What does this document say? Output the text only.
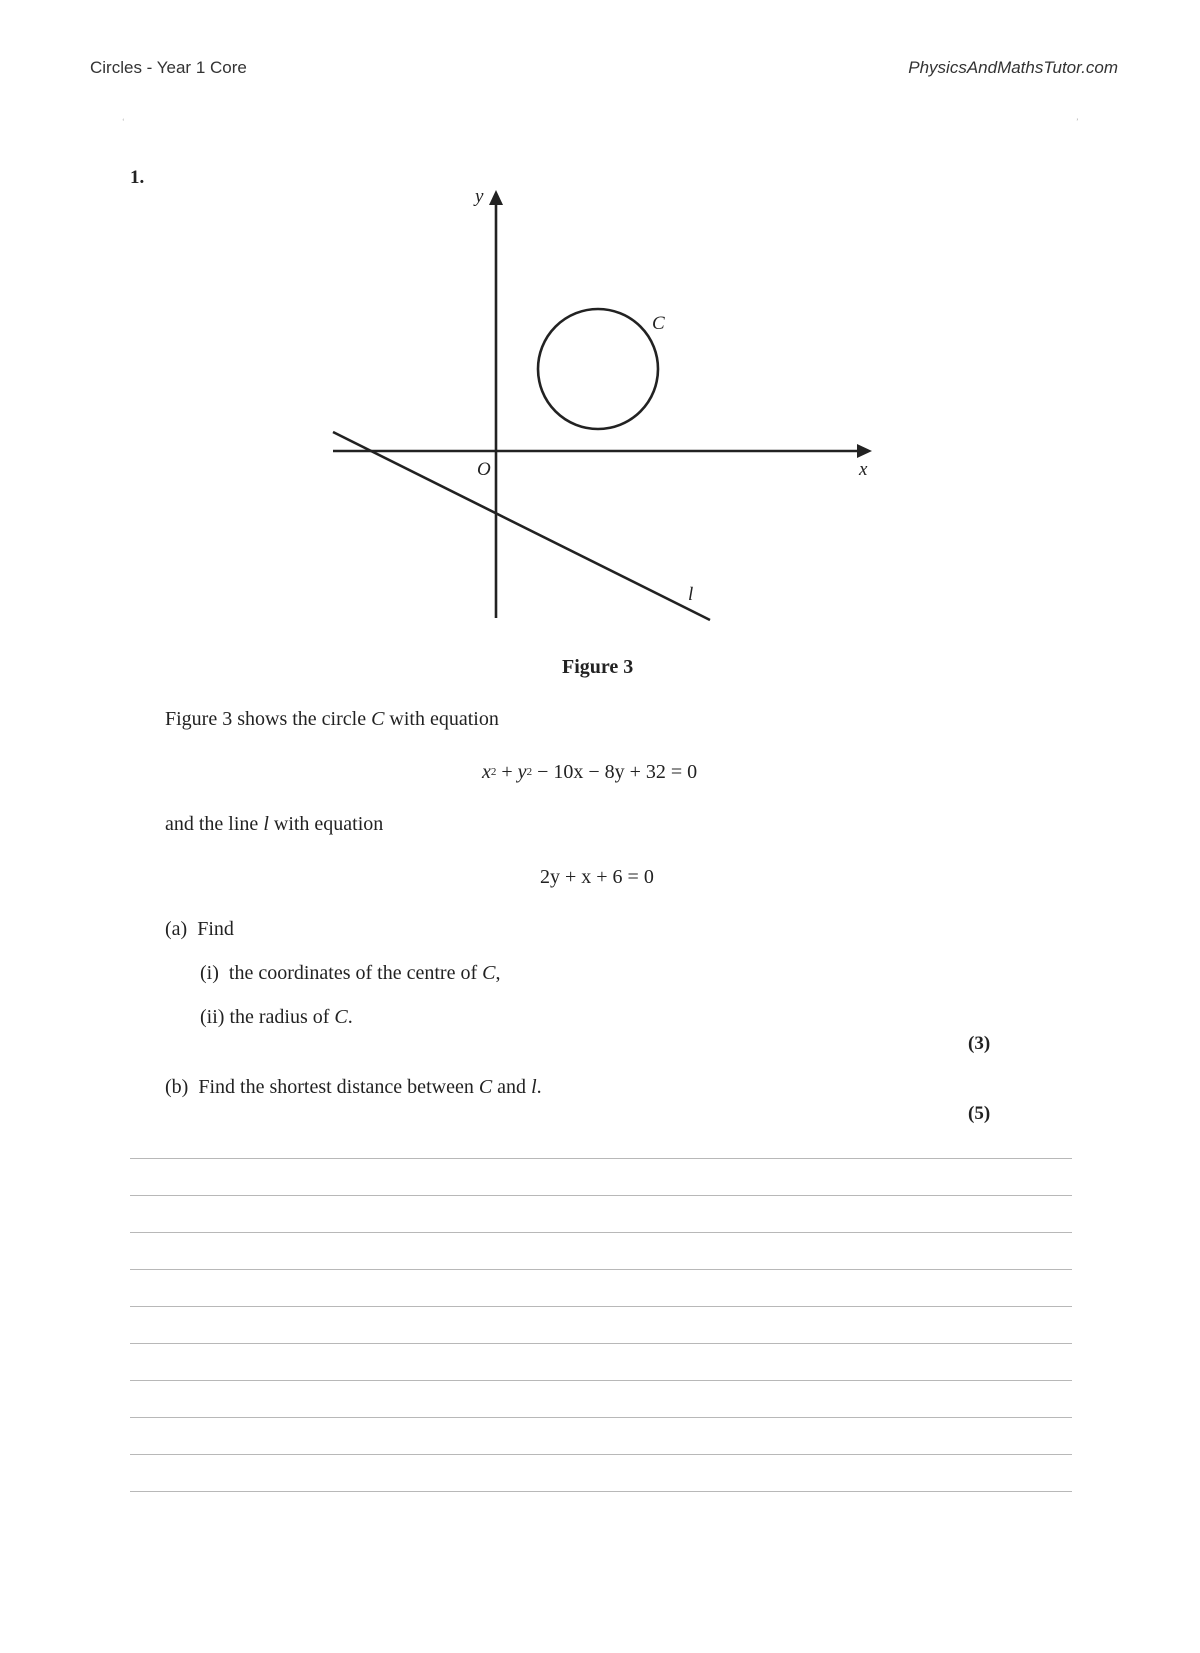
Circles - Year 1 Core	PhysicsAndMathsTutor.com
‘	’
1.
y
x
O
C
l
Figure 3
Figure 3 shows the circle C with equation
$x^2 + y^2 - 10x - 8y + 32 = 0$
and the line l with equation
2y + x + 6 = 0
(a) Find
(i) the coordinates of the centre of C,
(ii) the radius of C.
(3)
(b) Find the shortest distance between C and l.
(5)
